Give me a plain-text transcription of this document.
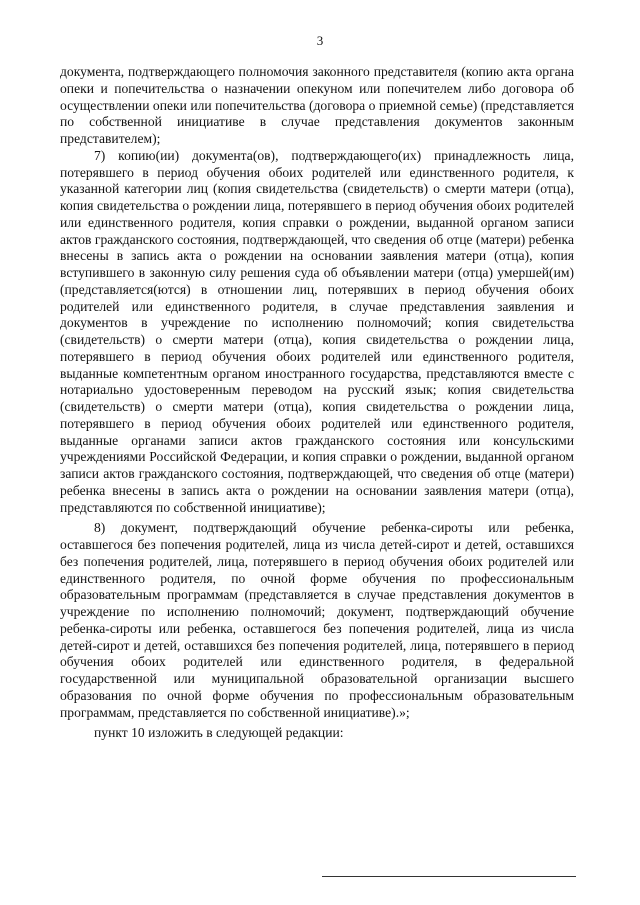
3

документа, подтверждающего полномочия законного представителя (копию акта органа опеки и попечительства о назначении опекуном или попечителем либо договора об осуществлении опеки или попечительства (договора о приемной семье) (представляется по собственной инициативе в случае представления документов законным представителем);

7) копию(ии) документа(ов), подтверждающего(их) принадлежность лица, потерявшего в период обучения обоих родителей или единственного родителя, к указанной категории лиц (копия свидетельства (свидетельств) о смерти матери (отца), копия свидетельства о рождении лица, потерявшего в период обучения обоих родителей или единственного родителя, копия справки о рождении, выданной органом записи актов гражданского состояния, подтверждающей, что сведения об отце (матери) ребенка внесены в запись акта о рождении на основании заявления матери (отца), копия вступившего в законную силу решения суда об объявлении матери (отца) умершей(им) (представляется(ются) в отношении лиц, потерявших в период обучения обоих родителей или единственного родителя, в случае представления заявления и документов в учреждение по исполнению полномочий; копия свидетельства (свидетельств) о смерти матери (отца), копия свидетельства о рождении лица, потерявшего в период обучения обоих родителей или единственного родителя, выданные компетентным органом иностранного государства, представляются вместе с нотариально удостоверенным переводом на русский язык; копия свидетельства (свидетельств) о смерти матери (отца), копия свидетельства о рождении лица, потерявшего в период обучения обоих родителей или единственного родителя, выданные органами записи актов гражданского состояния или консульскими учреждениями Российской Федерации, и копия справки о рождении, выданной органом записи актов гражданского состояния, подтверждающей, что сведения об отце (матери) ребенка внесены в запись акта о рождении на основании заявления матери (отца), представляются по собственной инициативе);

8) документ, подтверждающий обучение ребенка-сироты или ребенка, оставшегося без попечения родителей, лица из числа детей-сирот и детей, оставшихся без попечения родителей, лица, потерявшего в период обучения обоих родителей или единственного родителя, по очной форме обучения по профессиональным образовательным программам (представляется в случае представления документов в учреждение по исполнению полномочий; документ, подтверждающий обучение ребенка-сироты или ребенка, оставшегося без попечения родителей, лица из числа детей-сирот и детей, оставшихся без попечения родителей, лица, потерявшего в период обучения обоих родителей или единственного родителя, в федеральной государственной или муниципальной образовательной организации высшего образования по очной форме обучения по профессиональным образовательным программам, представляется по собственной инициативе).»;

пункт 10 изложить в следующей редакции:
